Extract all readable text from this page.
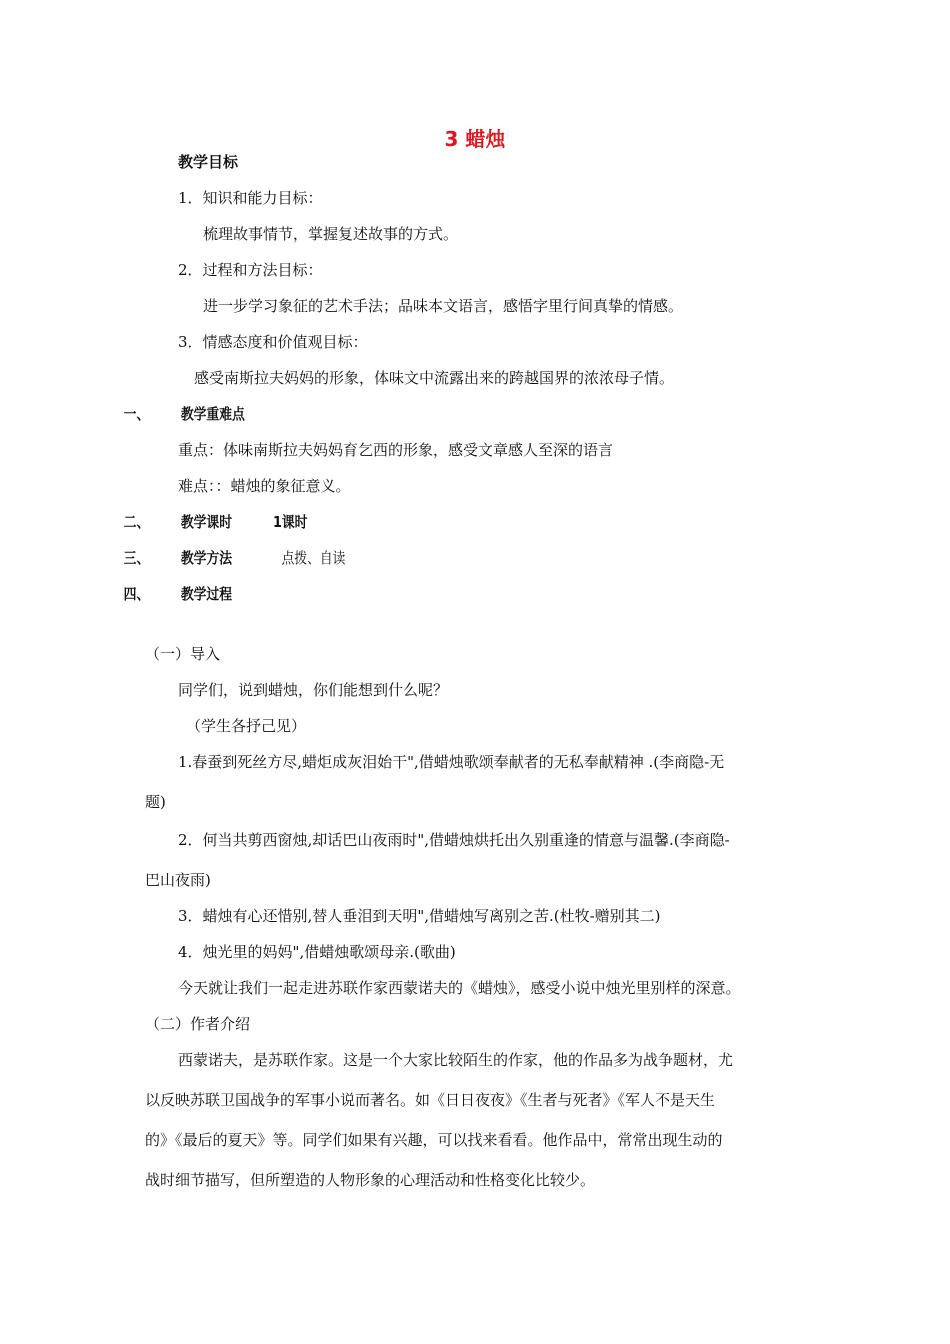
3 蜡烛
教学目标
1．知识和能力目标：
梳理故事情节，掌握复述故事的方式。
2．过程和方法目标：
进一步学习象征的艺术手法；品味本文语言，感悟字里行间真挚的情感。
3．情感态度和价值观目标：
感受南斯拉夫妈妈的形象，体味文中流露出来的跨越国界的浓浓母子情。
一、 教学重难点
重点：体味南斯拉夫妈妈育乞西的形象，感受文章感人至深的语言
难点：：蜡烛的象征意义。
二、 教学课时	1课时
三、 教学方法	点拨、自读
四、 教学过程
（一）导入
同学们，说到蜡烛，你们能想到什么呢？
（学生各抒己见）
1.春蚕到死丝方尽,蜡炬成灰泪始干",借蜡烛歌颂奉献者的无私奉献精神 .(李商隐-无
题)
2．何当共剪西窗烛,却话巴山夜雨时",借蜡烛烘托出久别重逢的情意与温馨.(李商隐-
巴山夜雨)
3．蜡烛有心还惜别,替人垂泪到天明",借蜡烛写离别之苦.(杜牧-赠别其二)
4．烛光里的妈妈",借蜡烛歌颂母亲.(歌曲)
今天就让我们一起走进苏联作家西蒙诺夫的《蜡烛》，感受小说中烛光里别样的深意。
（二）作者介绍
西蒙诺夫，是苏联作家。这是一个大家比较陌生的作家，他的作品多为战争题材，尤
以反映苏联卫国战争的军事小说而著名。如《日日夜夜》《生者与死者》《军人不是天生
的》《最后的夏天》等。同学们如果有兴趣，可以找来看看。他作品中，常常出现生动的
战时细节描写，但所塑造的人物形象的心理活动和性格变化比较少。
